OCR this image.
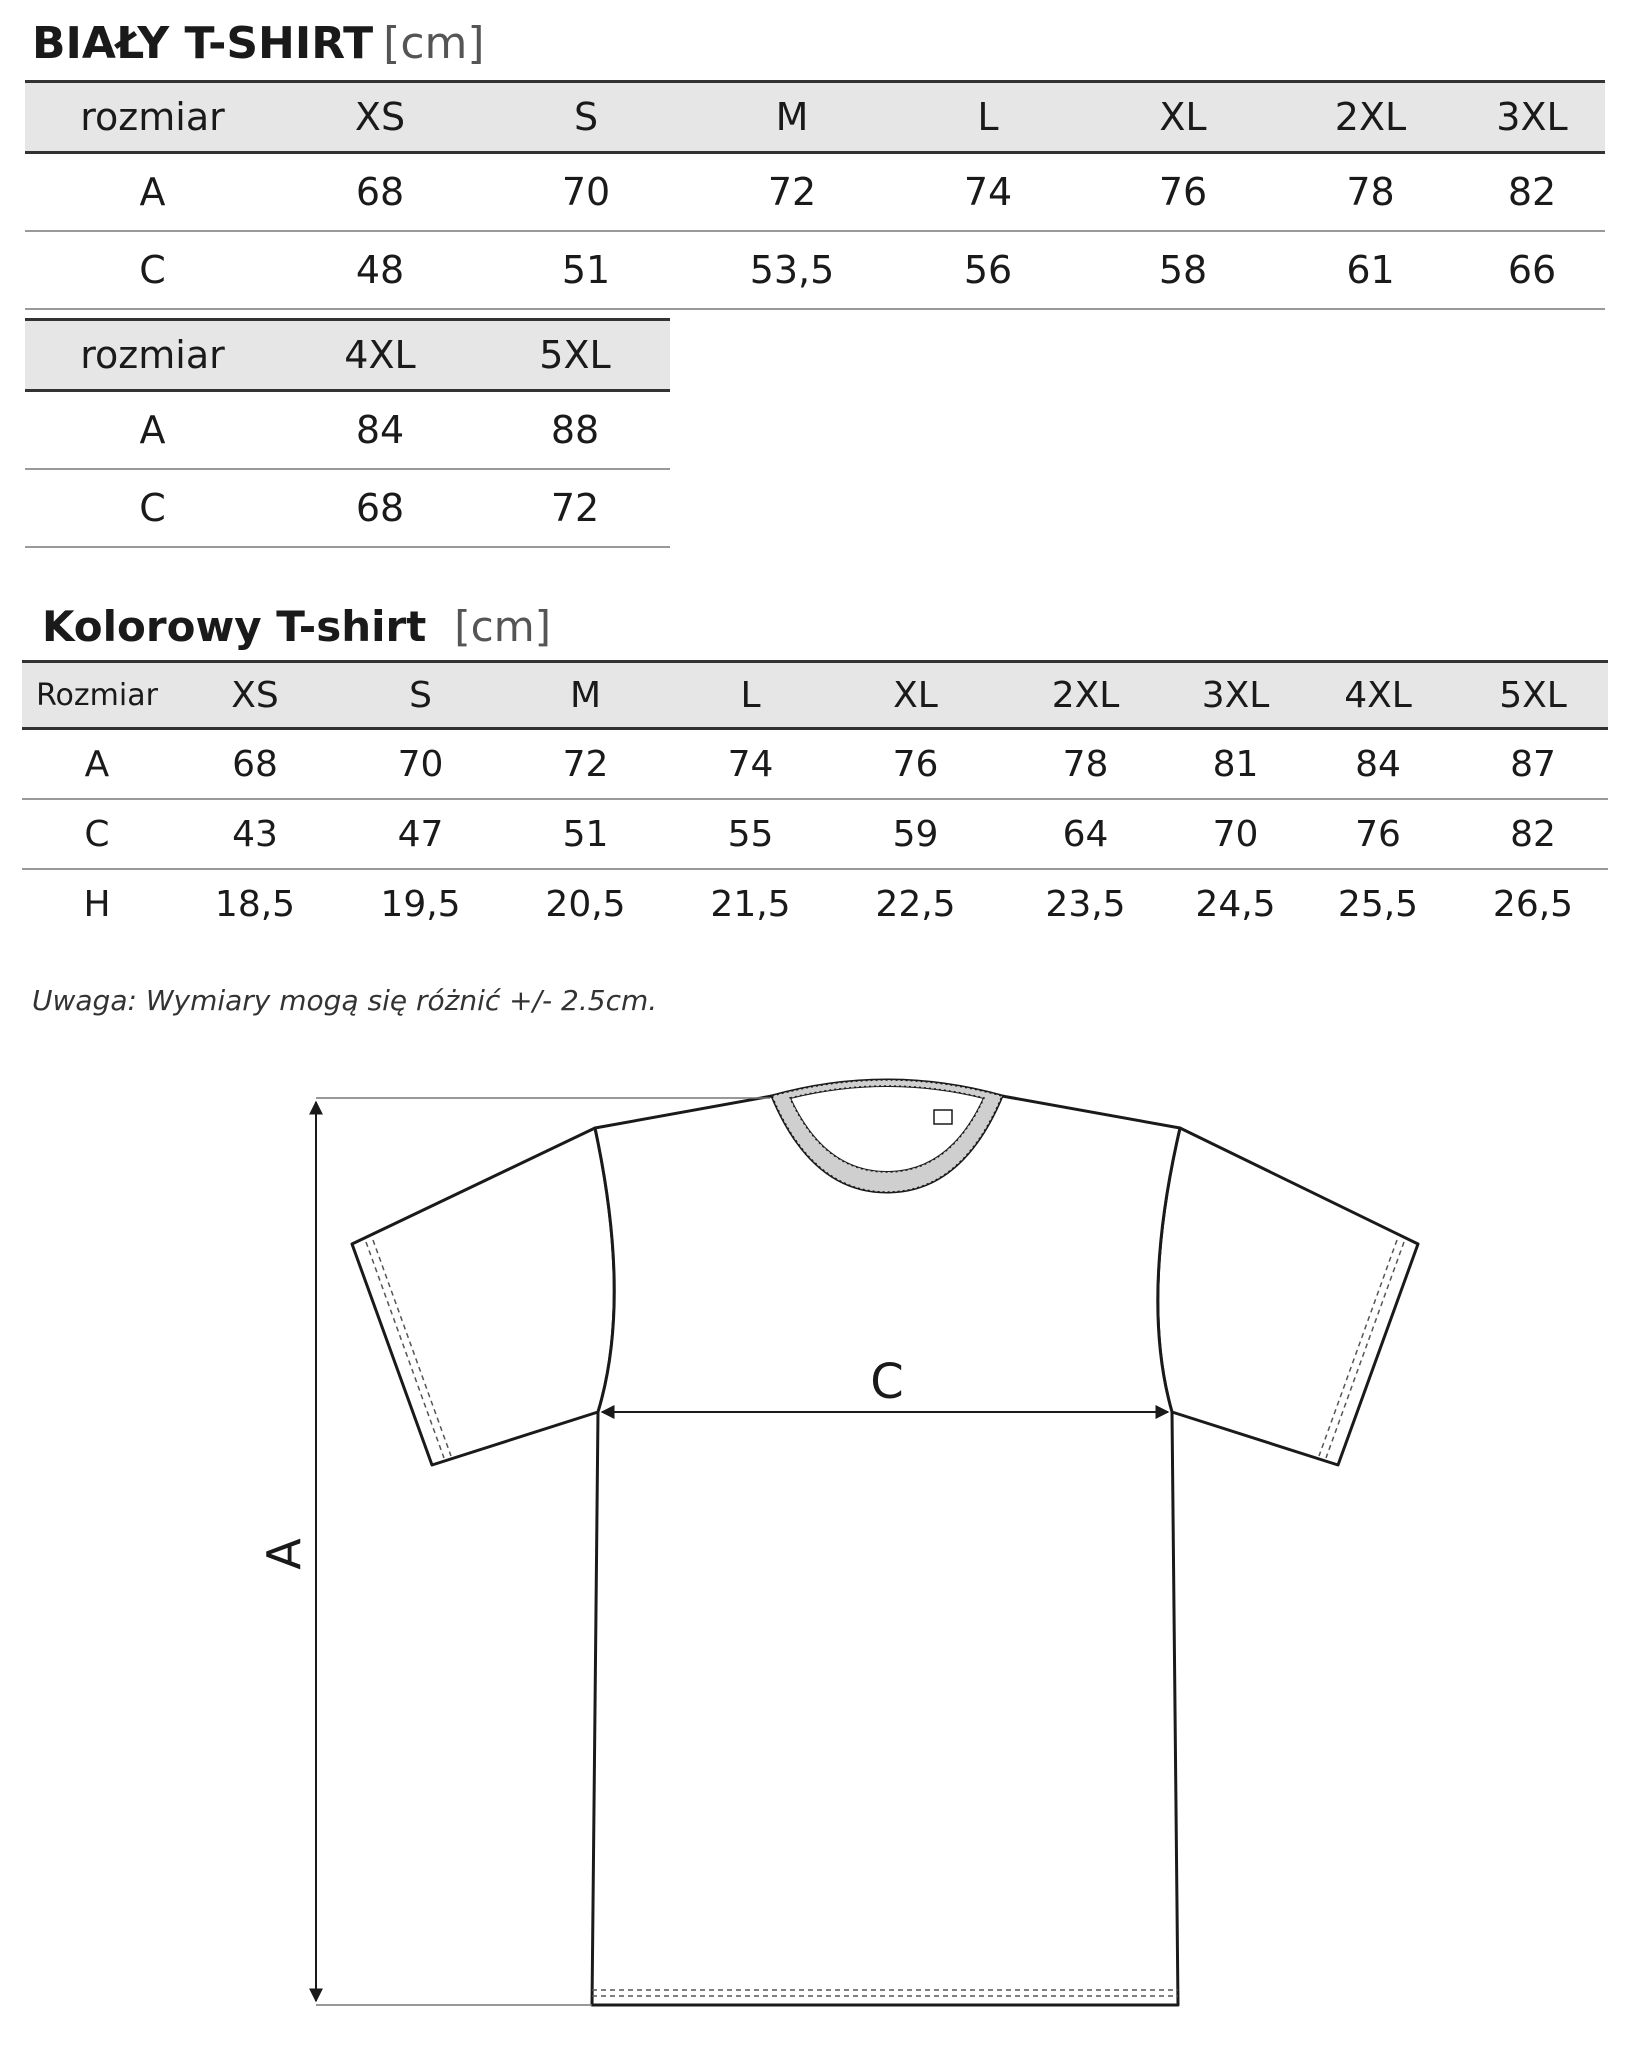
BIAŁY T-SHIRT [cm]
rozmiar	XS	S	M	L	XL	2XL	3XL
A	68	70	72	74	76	78	82
C	48	51	53,5	56	58	61	66
rozmiar	4XL	5XL
A	84	88
C	68	72
Kolorowy T-shirt [cm]
Rozmiar	XS	S	M	L	XL	2XL	3XL	4XL	5XL
A	68	70	72	74	76	78	81	84	87
C	43	47	51	55	59	64	70	76	82
H	18,5	19,5	20,5	21,5	22,5	23,5	24,5	25,5	26,5

Uwaga: Wymiary mogą się różnić +/- 2.5cm.

A
C
